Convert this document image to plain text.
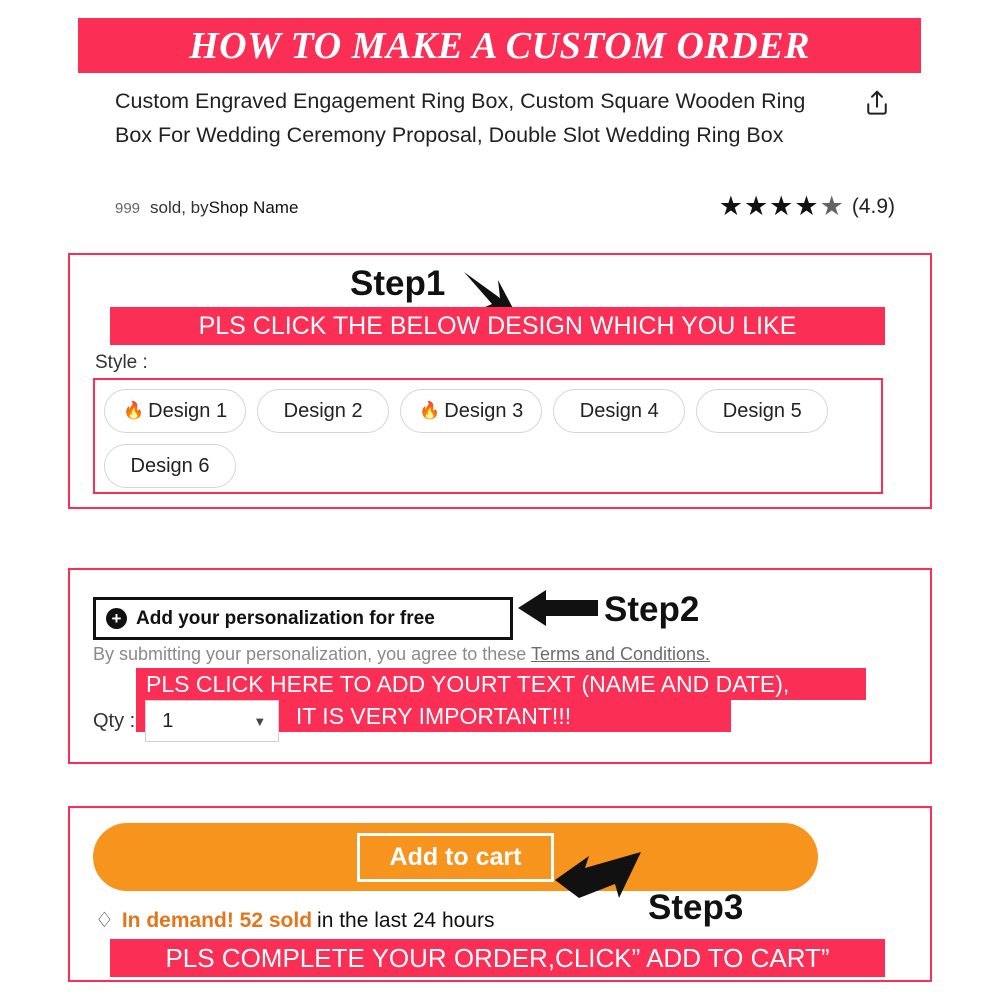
HOW TO MAKE A CUSTOM ORDER
Custom Engraved Engagement Ring Box, Custom Square Wooden Ring Box For Wedding Ceremony Proposal, Double Slot Wedding Ring Box
999 sold, by Shop Name	★★★★ ★ (4.9)
Step1
PLS CLICK THE BELOW DESIGN WHICH YOU LIKE
Style :
🔥 Design 1	Design 2	🔥 Design 3	Design 4	Design 5
Design 6
+ Add your personalization for free	Step2
By submitting your personalization, you agree to these Terms and Conditions.
PLS CLICK HERE TO ADD YOURT TEXT (NAME AND DATE),
IT IS VERY IMPORTANT!!!
Qty : 1	▼
Add to cart
Step3
♢ In demand! 52 sold in the last 24 hours
PLS COMPLETE YOUR ORDER,CLICK” ADD TO CART”
